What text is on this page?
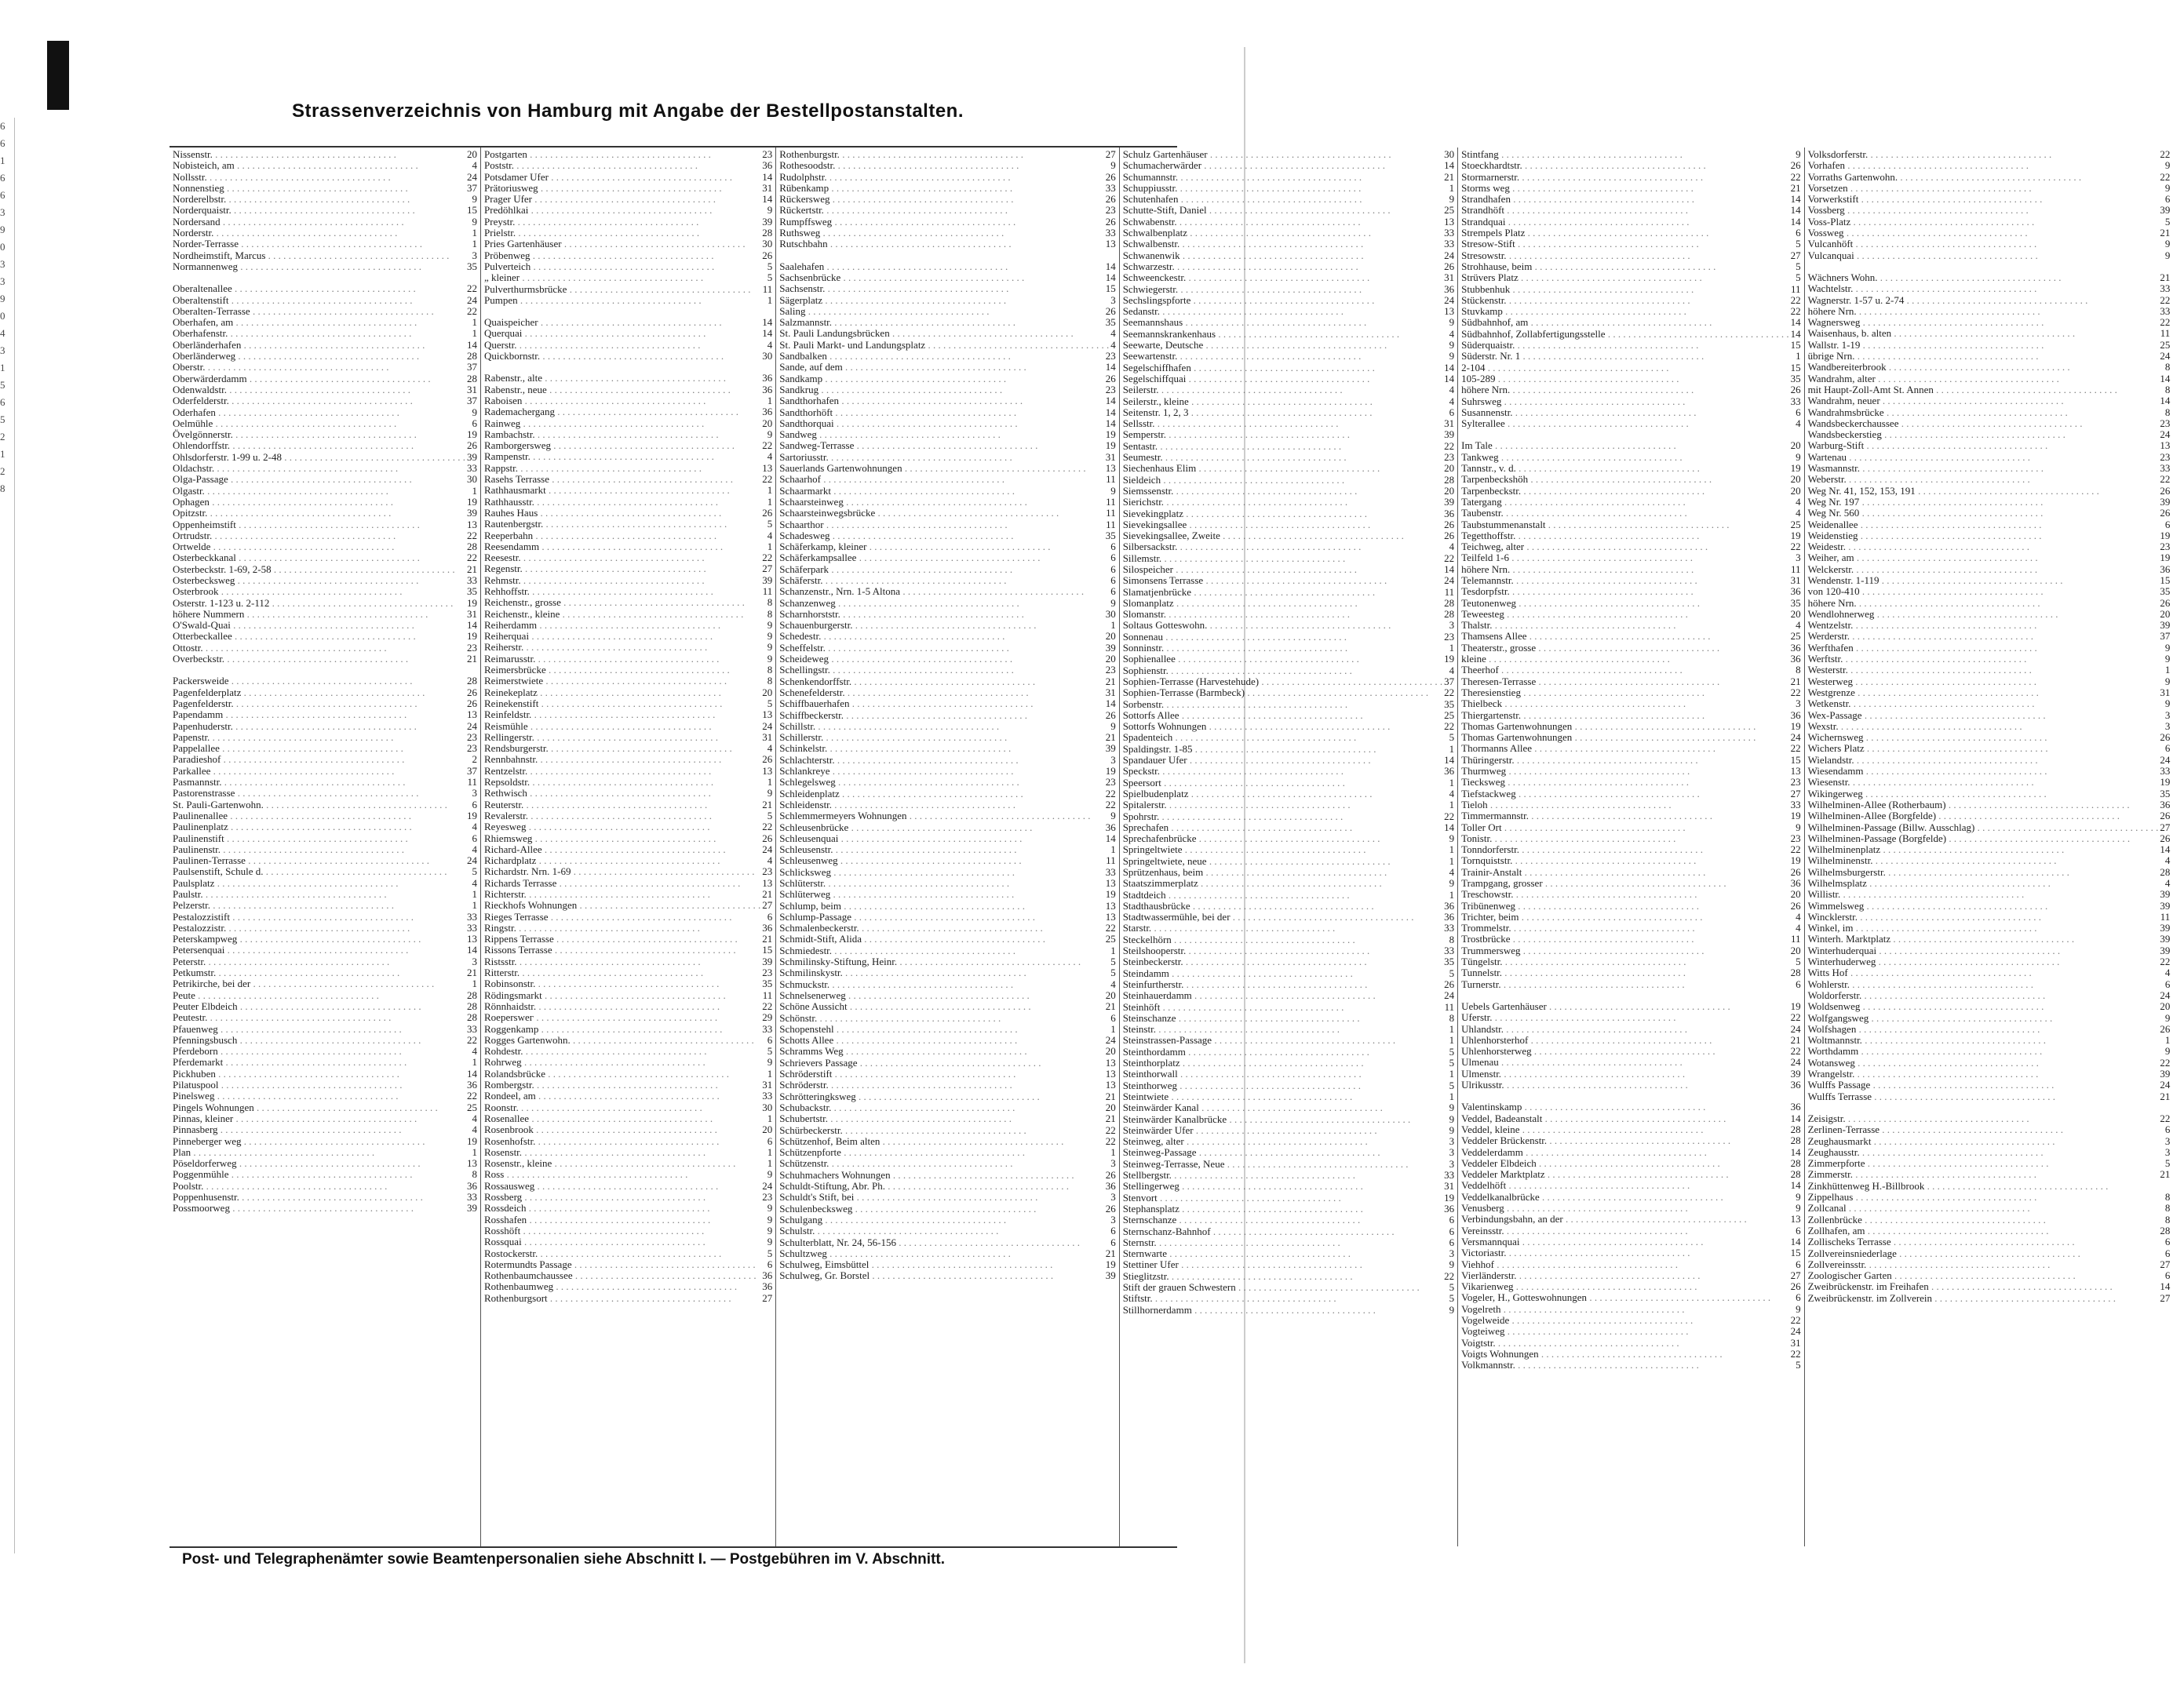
6
6
1
6
6
3
9
0
3
3
9
0
4
3
1
5
6
5
2
1
2
8
Strassenverzeichnis von Hamburg mit Angabe der Bestellpostanstalten.
Nissenstr. . . .	20
Nobisteich, am . . .	4
Nollsstr. . . .	24
Nonnenstieg . . .	37
Norderelbstr. . . .	9
Norderquaistr. . . .	15
Nordersand . . .	9
Norderstr. . . .	1
Norder-Terrasse . . .	1
Nordheimstift, Marcus . . .	3
Normannenweg . . .	35
Oberaltenallee . . .	22
Oberaltenstift . . .	24
Oberalten-Terrasse . . .	22
Oberhafen, am . . .	1
Oberhafenstr. . . .	1
Oberländerhafen . . .	14
Oberländerweg . . .	28
Oberstr. . . .	37
Oberwärderdamm . . .	28
Odenwaldstr. . . .	31
Oderfelderstr. . . .	37
Oderhafen . . .	9
Oelmühle . . .	6
Övelgönnerstr. . . .	19
Ohlendorffstr. . . .	26
Ohlsdorferstr. 1-99 u. 2-48 . . .	39
Oldachstr. . . .	33
Olga-Passage . . .	30
Olgastr. . . .	1
Ophagen . . .	19
Opitzstr. . . .	39
Oppenheimstift . . .	13
Ortrudstr. . . .	22
Ortwelde . . .	28
Osterbeckkanal . . .	22
Osterbeckstr. 1-69, 2-58 . . .	21
Osterbecksweg . . .	33
Osterbrook . . .	35
Osterstr. 1-123 u. 2-112 . . .	19
höhere Nummern . . .	31
O'Swald-Quai . . .	14
Otterbeckallee . . .	19
Ottostr. . . .	23
Overbeckstr. . . .	21
Packersweide . . .	28
Pagenfelderplatz . . .	26
Pagenfelderstr. . . .	26
Papendamm . . .	13
Papenhuderstr. . . .	24
Papenstr. . . .	23
Pappelallee . . .	23
Paradieshof . . .	2
Parkallee . . .	37
Pasmannstr. . . .	11
Pastorenstrasse . . .	3
St. Pauli-Gartenwohn. . . .	6
Paulinenallee . . .	19
Paulinenplatz . . .	4
Paulinenstift . . .	6
Paulinenstr. . . .	4
Paulinen-Terrasse . . .	24
Paulsenstift, Schule d. . . .	5
Paulsplatz . . .	4
Paulstr. . . .	1
Pelzerstr. . . .	1
Pestalozzistift . . .	33
Pestalozzistr. . . .	33
Peterskampweg . . .	13
Petersenquai . . .	14
Peterstr. . . .	3
Petkumstr. . . .	21
Petrikirche, bei der . . .	1
Peute . . .	28
Peuter Elbdeich . . .	28
Peutestr. . . .	28
Pfauenweg . . .	33
Pfenningsbusch . . .	22
Pferdeborn . . .	4
Pferdemarkt . . .	1
Pickhuben . . .	14
Pilatuspool . . .	36
Pinelsweg . . .	22
Pingels Wohnungen . . .	25
Pinnas, kleiner . . .	4
Pinnasberg . . .	4
Pinneberger weg . . .	19
Plan . . .	1
Pöseldorferweg . . .	13
Poggenmühle . . .	8
Poolstr. . . .	36
Poppenhusenstr. . . .	33
Possmoorweg . . .	39
Postgarten . . .	23
Poststr. . . .	36
Potsdamer Ufer . . .	14
Prätoriusweg . . .	31
Prager Ufer . . .	14
Predöhlkai . . .	9
Preystr. . . .	39
Prielstr. . . .	28
Pries Gartenhäuser . . .	30
Pröbenweg . . .	26
Pulverteich . . .	5
„ kleiner . . .	5
Pulverthurmsbrücke . . .	11
Pumpen . . .	1
Quaispeicher . . .	14
Querquai . . .	14
Querstr. . . .	4
Quickbornstr. . . .	30
Rabenstr., alte . . .	36
Rabenstr., neue . . .	36
Raboisen . . .	1
Rademachergang . . .	36
Rainweg . . .	20
Rambachstr. . . .	9
Ramborgersweg . . .	22
Rampenstr. . . .	4
Rappstr. . . .	13
Rasehs Terrasse . . .	22
Rathhausmarkt . . .	1
Rathhausstr. . . .	1
Rauhes Haus . . .	26
Rautenbergstr. . . .	5
Reeperbahn . . .	4
Reesendamm . . .	1
Reesestr. . . .	22
Regenstr. . . .	27
Rehmstr. . . .	39
Rehhoffstr. . . .	11
Reichenstr., grosse . . .	8
Reichenstr., kleine . . .	8
Reiherdamm . . .	9
Reiherquai . . .	9
Reiherstr. . . .	9
Reimarusstr. . . .	9
Reimersbrücke . . .	8
Reimerstwiete . . .	8
Reinekeplatz . . .	20
Reinekenstift . . .	5
Reinfeldstr. . . .	13
Reismühle . . .	24
Rellingerstr. . . .	31
Rendsburgerstr. . . .	4
Rennbahnstr. . . .	26
Rentzelstr. . . .	13
Repsoldstr. . . .	1
Rethwisch . . .	9
Reuterstr. . . .	21
Revalerstr. . . .	5
Reyesweg . . .	22
Rhiemsweg . . .	26
Richard-Allee . . .	24
Richardplatz . . .	4
Richardstr. Nrn. 1-69 . . .	23
Richards Terrasse . . .	13
Richterstr. . . .	21
Rieckhofs Wohnungen . . .	27
Rieges Terrasse . . .	6
Ringstr. . . .	36
Rippens Terrasse . . .	21
Rissons Terrasse . . .	15
Ristsstr. . . .	39
Ritterstr. . . .	23
Robinsonstr. . . .	35
Rödingsmarkt . . .	11
Rönnhaidstr. . . .	22
Roeperswег . . .	29
Roggenkamp . . .	33
Rogges Gartenwohn. . . .	6
Rohdestr. . . .	5
Rohrweg . . .	9
Rolandsbrücke . . .	1
Rombergstr. . . .	31
Rondeel, am . . .	33
Roonstr. . . .	30
Rosenallee . . .	1
Rosenbrook . . .	20
Rosenhofstr. . . .	6
Rosenstr. . . .	1
Rosenstr., kleine . . .	1
Ross . . .	9
Rossausweg . . .	24
Rossberg . . .	23
Rossdeich . . .	9
Rosshafen . . .	9
Rosshöft . . .	9
Rossquai . . .	9
Rostockerstr. . . .	5
Rotermundts Passage . . .	6
Rothenbaumchaussee . . .	36
Rothenbaumweg . . .	36
Rothenburgsort . . .	27
Rothenburgstr. . . .	27
Rothesoodstr. . . .	9
Rudolphstr. . . .	26
Rübenkamp . . .	33
Rückersweg . . .	26
Rückertstr. . . .	23
Rumpffsweg . . .	26
Ruthsweg . . .	33
Rutschbahn . . .	13
Saalehafen . . .	14
Sachsenbrücke . . .	14
Sachsenstr. . . .	15
Sägerplatz . . .	3
Saling . . .	26
Salzmannstr. . . .	35
St. Pauli Landungsbrücken . . .	4
St. Pauli Markt- und Landungsplatz . . .	4
Sandbalken . . .	23
Sande, auf dem . . .	14
Sandkamp . . .	26
Sandkrug . . .	23
Sandthorhafen . . .	14
Sandthorhöft . . .	14
Sandthorquai . . .	14
Sandweg . . .	19
Sandweg-Terrasse . . .	19
Sartoriusstr. . . .	31
Sauerlands Gartenwohnungen . . .	13
Schaarhof . . .	11
Schaarmarkt . . .	9
Schaarsteinweg . . .	11
Schaarsteinwegsbrücke . . .	11
Schaarthor . . .	11
Schadesweg . . .	35
Schäferkamp, kleiner . . .	6
Schäferkampsallee . . .	6
Schäferpark . . .	6
Schäferstr. . . .	6
Schanzenstr., Nrn. 1-5 Altona . . .	6
Schanzenweg . . .	9
Scharnhorststr. . . .	30
Schauenburgerstr. . . .	1
Schedestr. . . .	20
Scheffelstr. . . .	39
Scheideweg . . .	20
Schellingstr. . . .	23
Schenkendorffstr. . . .	21
Schenefelderstr. . . .	31
Schiffbauerhafen . . .	14
Schiffbeckerstr. . . .	26
Schillstr. . . .	9
Schillerstr. . . .	21
Schinkelstr. . . .	39
Schlachterstr. . . .	3
Schlankreye . . .	19
Schlegelsweg . . .	23
Schleidenplatz . . .	22
Schleidenstr. . . .	22
Schlemmermeyers Wohnungen . . .	9
Schleusenbrücke . . .	36
Schleusenquai . . .	14
Schleusenstr. . . .	1
Schleusenweg . . .	11
Schlicksweg . . .	33
Schlüterstr. . . .	13
Schlüterweg . . .	19
Schlump, beim . . .	13
Schlump-Passage . . .	13
Schmalenbeckerstr. . . .	22
Schmidt-Stift, Alida . . .	25
Schmiedestr. . . .	1
Schmilinsky-Stiftung, Heinr. . . .	5
Schmilinskystr. . . .	5
Schmuckstr. . . .	4
Schnelsenerweg . . .	20
Schöne Aussicht . . .	21
Schönstr. . . .	6
Schopenstehl . . .	1
Schotts Allee . . .	24
Schramms Weg . . .	20
Schrievers Passage . . .	13
Schröderstift . . .	13
Schröderstr. . . .	13
Schrötteringksweg . . .	21
Schubackstr. . . .	20
Schubertstr. . . .	21
Schürbeckerstr. . . .	22
Schützenhof, Beim alten . . .	22
Schützenpforte . . .	1
Schützenstr. . . .	3
Schuhmachers Wohnungen . . .	26
Schuldt-Stiftung, Abr. Ph. . . .	36
Schuldt's Stift, bei . . .	3
Schulenbecksweg . . .	26
Schulgang . . .	3
Schulstr. . . .	6
Schulterblatt, Nr. 24, 56-156 . . .	6
Schultzweg . . .	21
Schulweg, Eimsbüttel . . .	19
Schulweg, Gr. Borstel . . .	39
Schulz Gartenhäuser . . .	30
Schumacherwärder . . .	14
Schumannstr. . . .	21
Schuppiusstr. . . .	1
Schutenhafen . . .	9
Schutte-Stift, Daniel . . .	25
Schwabenstr. . . .	13
Schwalbenplatz . . .	33
Schwalbenstr. . . .	33
Schwanenwik . . .	24
Schwarzestr. . . .	26
Schweenckestr. . . .	31
Schwiegerstr. . . .	36
Sechslingspforte . . .	24
Sedanstr. . . .	13
Seemannshaus . . .	9
Seemannskrankenhaus . . .	4
Seewarte, Deutsche . . .	9
Seewartenstr. . . .	9
Segelschiffhafen . . .	14
Segelschiffquai . . .	14
Seilerstr. . . .	4
Seilerstr., kleine . . .	4
Seitenstr. 1, 2, 3 . . .	6
Sellsstr. . . .	31
Semperstr. . . .	39
Sentastr. . . .	22
Seumestr. . . .	23
Siechenhaus Elim . . .	20
Sieldeich . . .	28
Siemssenstr. . . .	20
Sierichstr. . . .	39
Sievekingplatz . . .	36
Sievekingsallee . . .	26
Sievekingsallee, Zweite . . .	26
Silbersackstr. . . .	4
Sillemstr. . . .	22
Silospeicher . . .	14
Simonsens Terrasse . . .	24
Slamatjenbrücke . . .	11
Slomanplatz . . .	28
Slomanstr. . . .	28
Soltaus Gotteswohn. . . .	3
Sonnenau . . .	23
Sonninstr. . . .	1
Sophienallee . . .	19
Sophienstr. . . .	4
Sophien-Terrasse (Harvestehude) . . .	37
Sophien-Terrasse (Barmbeck) . . .	22
Sorbenstr. . . .	35
Sottorfs Allee . . .	25
Sottorfs Wohnungen . . .	22
Spadenteich . . .	5
Spaldingstr. 1-85 . . .	1
Spandauer Ufer . . .	14
Speckstr. . . .	36
Speersort . . .	1
Spielbudenplatz . . .	4
Spitalerstr. . . .	1
Spohrstr. . . .	22
Sprechafen . . .	14
Sprechafenbrücke . . .	9
Springeltwiete . . .	1
Springeltwiete, neue . . .	1
Sprützenhaus, beim . . .	4
Staatszimmerplatz . . .	9
Stadtdeich . . .	1
Stadthausbrücke . . .	36
Stadtwassermühle, bei der . . .	36
Starstr. . . .	33
Steckelhörn . . .	8
Steilshooperstr. . . .	33
Steinbeckerstr. . . .	35
Steindamm . . .	5
Steinfurtherstr. . . .	26
Steinhauerdamm . . .	24
Steinhöft . . .	11
Steinschanze . . .	8
Steinstr. . . .	1
Steinstrassen-Passage . . .	1
Steinthordamm . . .	5
Steinthorplatz . . .	5
Steinthorwall . . .	1
Steinthorweg . . .	5
Steintwiete . . .	1
Steinwärder Kanal . . .	9
Steinwärder Kanalbrücke . . .	9
Steinwärder Ufer . . .	9
Steinweg, alter . . .	3
Steinweg-Passage . . .	3
Steinweg-Terrasse, Neue . . .	3
Stellbergstr. . . .	33
Stellingerweg . . .	31
Stenvort . . .	19
Stephansplatz . . .	36
Sternschanze . . .	6
Sternschanz-Bahnhof . . .	6
Sternstr. . . .	6
Sternwarte . . .	3
Stettiner Ufer . . .	9
Stieglitzstr. . . .	22
Stift der grauen Schwestern . . .	5
Stiftstr. . . .	5
Stillhornerdamm . . .	9
Stintfang . . .	9
Stoeckhardtstr. . . .	26
Stormarnerstr. . . .	22
Storms weg . . .	21
Strandhafen . . .	14
Strandhöft . . .	14
Strandquai . . .	14
Strempels Platz . . .	6
Stresow-Stift . . .	5
Stresowstr. . . .	27
Strohhause, beim . . .	5
Strüvers Platz . . .	5
Stubbenhuk . . .	11
Stückenstr. . . .	22
Stuvkamp . . .	22
Südbahnhof, am . . .	14
Südbahnhof, Zollabfertigungsstelle . . .	14
Süderquaistr. . . .	15
Süderstr. Nr. 1 . . .	1
2-104 . . .	15
105-289 . . .	35
höhere Nrn. . . .	26
Suhrsweg . . .	33
Susannenstr. . . .	6
Sylterallee . . .	4
Im Tale . . .	20
Tankweg . . .	9
Tannstr., v. d. . . .	19
Tarpenbeckshöh . . .	20
Tarpenbeckstr. . . .	20
Tatergang . . .	4
Taubenstr. . . .	4
Taubstummenanstalt . . .	25
Tegetthoffstr. . . .	19
Teichweg, alter . . .	22
Teilfeld 1-6 . . .	3
höhere Nrn. . . .	11
Telemannstr. . . .	31
Tesdorpfstr. . . .	36
Teutonenweg . . .	35
Teweesteg . . .	20
Thalstr. . . .	4
Thamsens Allee . . .	25
Theaterstr., grosse . . .	36
kleine . . .	36
Theerhof . . .	8
Theresen-Terrasse . . .	21
Theresienstieg . . .	22
Thielbeck . . .	3
Thiergartenstr. . . .	36
Thomas Gartenwohnungen . . .	19
Thomas Gartenwohnungen . . .	24
Thormanns Allee . . .	22
Thüringerstr. . . .	15
Thurmweg . . .	13
Tiecksweg . . .	23
Tiefstackweg . . .	27
Tieloh . . .	33
Timmermannstr. . . .	19
Toller Ort . . .	9
Tonistr. . . .	23
Tonndorferstr. . . .	22
Tornquiststr. . . .	19
Trainir-Anstalt . . .	26
Trampgang, grosser . . .	36
Treschowstr. . . .	20
Tribünenweg . . .	26
Trichter, beim . . .	4
Trommelstr. . . .	4
Trostbrücke . . .	11
Trummersweg . . .	20
Tüngelstr. . . .	5
Tunnelstr. . . .	28
Turnerstr. . . .	6
Uebels Gartenhäuser . . .	19
Uferstr. . . .	22
Uhlandstr. . . .	24
Uhlenhorsterhof . . .	21
Uhlenhorsterweg . . .	22
Ulmenau . . .	24
Ulmenstr. . . .	39
Ulrikusstr. . . .	36
Valentinskamp . . .	36
Veddel, Badeanstalt . . .	14
Veddel, kleine . . .	28
Veddeler Brückenstr. . . .	28
Veddelerdamm . . .	14
Veddeler Elbdeich . . .	28
Veddeler Marktplatz . . .	28
Veddelhöft . . .	14
Veddelkanalbrücke . . .	9
Venusberg . . .	9
Verbindungsbahn, an der . . .	13
Vereinsstr. . . .	6
Versmannquai . . .	14
Victoriastr. . . .	15
Viehhof . . .	6
Vierländerstr. . . .	27
Vikarienweg . . .	26
Vogeler, H., Gotteswohnungen . . .	6
Vogelreth . . .	9
Vogelweide . . .	22
Vogteiweg . . .	24
Voigtstr. . . .	31
Voigts Wohnungen . . .	22
Volkmannstr. . . .	5
Volksdorferstr. . . .	22
Vorhafen . . .	9
Vorraths Gartenwohn. . . .	22
Vorsetzen . . .	9
Vorwerkstift . . .	6
Vossberg . . .	39
Voss-Platz . . .	5
Vossweg . . .	21
Vulcanhöft . . .	9
Vulcanquai . . .	9
Wächners Wohn. . . .	21
Wachtelstr. . . .	33
Wagnerstr. 1-57 u. 2-74 . . .	22
höhere Nrn. . . .	33
Wagnersweg . . .	22
Waisenhaus, b. alten . . .	11
Wallstr. 1-19 . . .	25
übrige Nrn. . . .	24
Wandbereiterbrook . . .	8
Wandrahm, alter . . .	14
mit Haupt-Zoll-Amt St. Annen . . .	8
Wandrahm, neuer . . .	14
Wandrahmsbrücke . . .	8
Wandsbeckerchaussee . . .	23
Wandsbeckerstieg . . .	24
Warburg-Stift . . .	13
Wartenau . . .	23
Wasmannstr. . . .	33
Weberstr. . . .	22
Weg Nr. 41, 152, 153, 191 . . .	26
Weg Nr. 197 . . .	39
Weg Nr. 560 . . .	26
Weidenallee . . .	6
Weidenstieg . . .	19
Weidestr. . . .	23
Weiher, am . . .	19
Welckerstr. . . .	36
Wendenstr. 1-119 . . .	15
von 120-410 . . .	35
höhere Nrn. . . .	26
Wendlohnerweg . . .	20
Wentzelstr. . . .	39
Werderstr. . . .	37
Werfthafen . . .	9
Werftstr. . . .	9
Westerstr. . . .	1
Westerweg . . .	9
Westgrenze . . .	31
Wetkenstr. . . .	9
Wex-Passage . . .	3
Wexstr. . . .	3
Wichernsweg . . .	26
Wichers Platz . . .	6
Wielandstr. . . .	24
Wiesendamm . . .	33
Wiesenstr. . . .	19
Wikingerweg . . .	35
Wilhelminen-Allee (Rotherbaum) . . .	36
Wilhelminen-Allee (Borgfelde) . . .	26
Wilhelminen-Passage (Billw. Ausschlag) . . .	27
Wilhelminen-Passage (Borgfelde) . . .	26
Wilhelminenplatz . . .	14
Wilhelminenstr. . . .	4
Wilhelmsburgerstr. . . .	28
Wilhelmsplatz . . .	4
Willistr. . . .	39
Wimmelsweg . . .	39
Wincklerstr. . . .	11
Winkel, im . . .	39
Winterh. Marktplatz . . .	39
Winterhuderquai . . .	39
Winterhuderweg . . .	22
Witts Hof . . .	4
Wohlerstr. . . .	6
Woldorferstr. . . .	24
Woldsenweg . . .	20
Wolfgangsweg . . .	9
Wolfshagen . . .	26
Woltmannstr. . . .	1
Worthdamm . . .	9
Wotansweg . . .	22
Wrangelstr. . . .	39
Wulffs Passage . . .	24
Wulffs Terrasse . . .	21
Zeisigstr. . . .	22
Zerlinen-Terrasse . . .	6
Zeughausmarkt . . .	3
Zeughausstr. . . .	3
Zimmerpforte . . .	5
Zimmerstr. . . .	21
Zinkhüttenweg H.-Billbrook . . .
Zippelhaus . . .	8
Zollcanal . . .	8
Zollenbrücke . . .	8
Zollhafen, am . . .	28
Zollischeks Terrasse . . .	6
Zollvereinsniederlage . . .	6
Zollvereinsstr. . . .	27
Zoologischer Garten . . .	6
Zweibrückenstr. im Freihafen . . .	14
Zweibrückenstr. im Zollverein . . .	27
Post- und Telegraphenämter sowie Beamtenpersonalien siehe Abschnitt I. — Postgebühren im V. Abschnitt.
